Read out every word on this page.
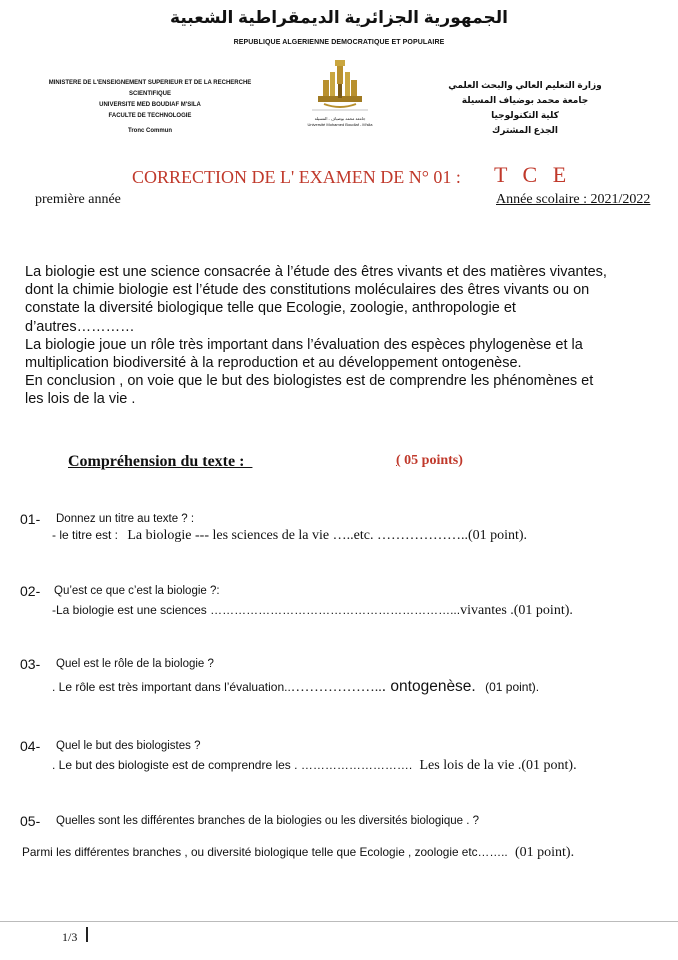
الجمهورية الجزائرية الديمقراطية الشعبية
REPUBLIQUE ALGERIENNE DEMOCRATIQUE ET POPULAIRE
MINISTERE DE L'ENSEIGNEMENT SUPERIEUR ET DE LA RECHERCHE
SCIENTIFIQUE
UNIVERSITE MED BOUDIAF M'SILA
FACULTE DE TECHNOLOGIE
Tronc Commun
وزارة التعليم العالي والبحث العلمي
جامعة محمد بوضياف المسيلة
كلية التكنولوجيا
الجذع المشترك
جامعة محمد بوضياف - المسيلة
Université Mohamed Boudiaf - M'sila
CORRECTION DE L' EXAMEN DE N° 01 : T C E
première année	Année scolaire : 2021/2022

La biologie est une science consacrée à l’étude des êtres vivants et des matières vivantes,

dont la chimie biologie est l’étude des constitutions moléculaires des êtres vivants ou on

constate la diversité biologique telle que Ecologie, zoologie, anthropologie et

d’autres…………

La biologie joue un rôle très important dans l’évaluation des espèces phylogenèse et la

multiplication biodiversité à la reproduction et au développement ontogenèse.

En conclusion , on voie que le but des biologistes est de comprendre les phénomènes et

les lois de la vie .

Compréhension du texte :	( 05 points)
01- Donnez un titre au texte ? :
- le titre est : La biologie --- les sciences de la vie …..etc. ………………..(01 point).
02- Qu’est ce que c’est la biologie ?:
-La biologie est une sciences ……………………………………………………...vivantes .(01 point).
03- Quel est le rôle de la biologie ?
. Le rôle est très important dans l’évaluation..………………... ontogenèse. (01 point).
04- Quel le but des biologistes ?
. Le but des biologiste est de comprendre les . ………………………. Les lois de la vie .(01 pont).
05- Quelles sont les différentes branches de la biologies ou les diversités biologique . ?
Parmi les différentes branches , ou diversité biologique telle que Ecologie , zoologie etc…….. (01 point).
1/3
